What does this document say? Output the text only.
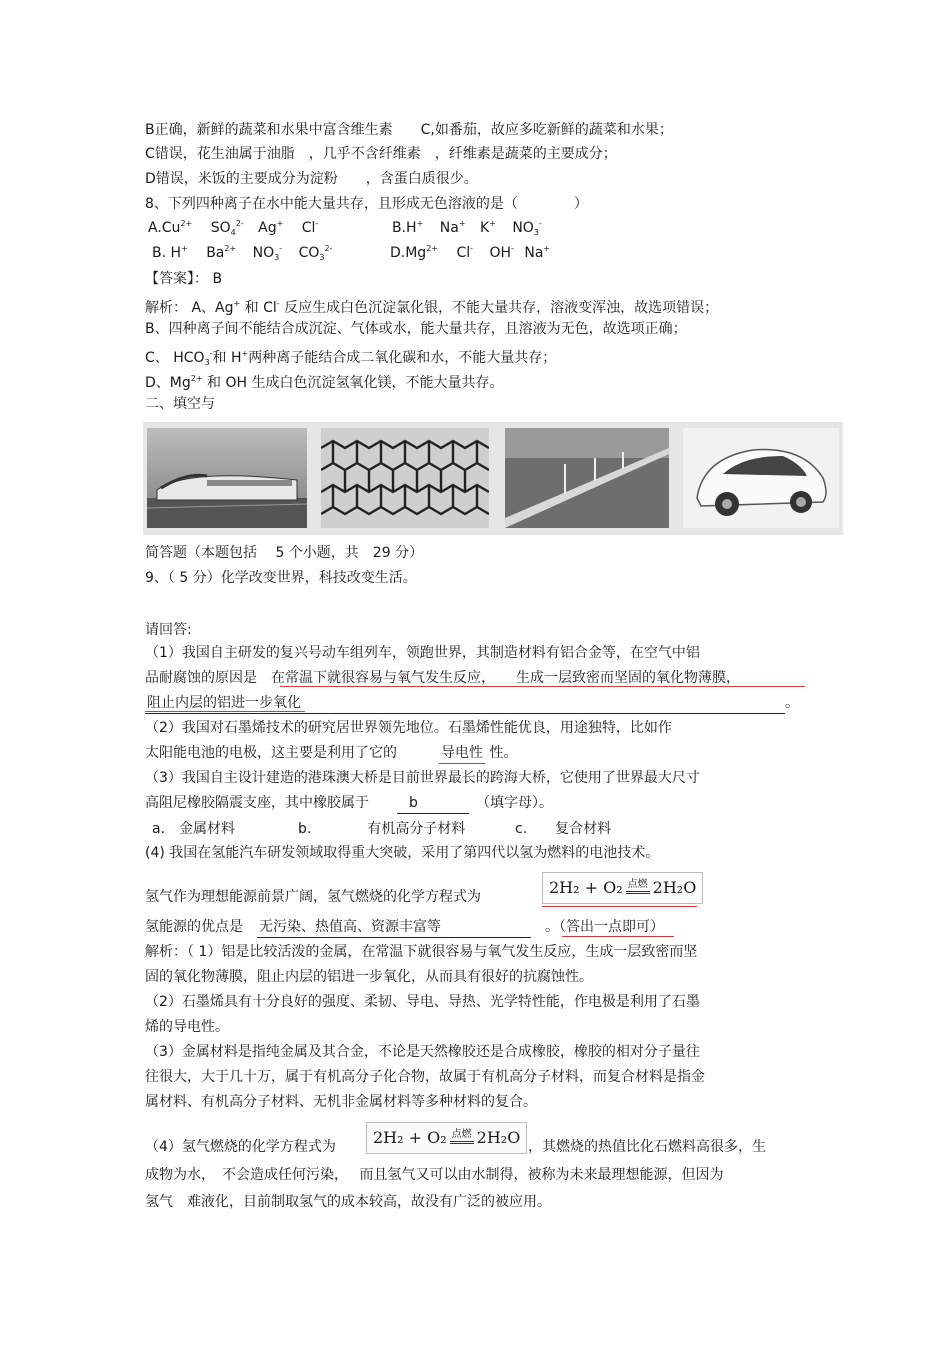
B正确，新鲜的蔬菜和水果中富含维生素　　C,如番茄，故应多吃新鲜的蔬菜和水果；
C错误，花生油属于油脂　，几乎不含纤维素　，纤维素是蔬菜的主要成分；
D错误，米饭的主要成分为淀粉　　，含蛋白质很少。
8、下列四种离子在水中能大量共存，且形成无色溶液的是（　　　　）
$A.Cu^{2+}$ $SO_4^{2-}$ Ag+ Cl-	B.H+ Na+ K+ $NO_3^-$
B. H+ $Ba^{2+}$ $NO_3^-$ $CO_3^{2-}$	$D.Mg^{2+}$ Cl- OH- Na+
【答案】： B
解析： A、Ag+ 和 Cl- 反应生成白色沉淀氯化银，不能大量共存，溶液变浑浊，故选项错误；
B、四种离子间不能结合成沉淀、气体或水，能大量共存，且溶液为无色，故选项正确；
C、 $HCO_3^-$和 H+两种离子能结合成二氧化碳和水，不能大量共存；
D、$Mg^{2+}$ 和 OH 生成白色沉淀氢氧化镁，不能大量共存。
二、填空与
简答题（本题包括　 5 个小题，共　29 分）
9、（ 5 分）化学改变世界，科技改变生活。
请回答:
（1）我国自主研发的复兴号动车组列车，领跑世界，其制造材料有铝合金等，在空气中铝
品耐腐蚀的原因是　在常温下就很容易与氧气发生反应，　　生成一层致密而坚固的氧化物薄膜，
阻止内层的铝进一步氧化	。
（2）我国对石墨烯技术的研究居世界领先地位。石墨烯性能优良，用途独特，比如作
太阳能电池的电极，这主要是利用了它的　　　导电性 性。
（3）我国自主设计建造的港珠澳大桥是目前世界最长的跨海大桥，它使用了世界最大尺寸
高阻尼橡胶隔震支座，其中橡胶属于　　b	　（填字母）。
a.　金属材料	b.　　　　有机高分子材料	c.　　复合材料
(4) 我国在氢能汽车研发领域取得重大突破，采用了第四代以氢为燃料的电池技术。
氢气作为理想能源前景广阔，氢气燃烧的化学方程式为	2H₂ + O₂ 点燃 2H₂O
氢能源的优点是　无污染、热值高、资源丰富等	　。（答出一点即可）
解析：（ 1）铝是比较活泼的金属，在常温下就很容易与氧气发生反应，生成一层致密而坚
固的氧化物薄膜，阻止内层的铝进一步氧化，从而具有很好的抗腐蚀性。
（2）石墨烯具有十分良好的强度、柔韧、导电、导热、光学特性能，作电极是利用了石墨
烯的导电性。
（3）金属材料是指纯金属及其合金，不论是天然橡胶还是合成橡胶，橡胶的相对分子量往
往很大，大于几十万，属于有机高分子化合物，故属于有机高分子材料，而复合材料是指金
属材料、有机高分子材料、无机非金属材料等多种材料的复合。
（4）氢气燃烧的化学方程式为	2H₂ + O₂ 点燃 2H₂O ，其燃烧的热值比化石燃料高很多，生
成物为水，　不会造成任何污染，　 而且氢气又可以由水制得，被称为未来最理想能源，但因为
氢气　难液化，目前制取氢气的成本较高，故没有广泛的被应用。
